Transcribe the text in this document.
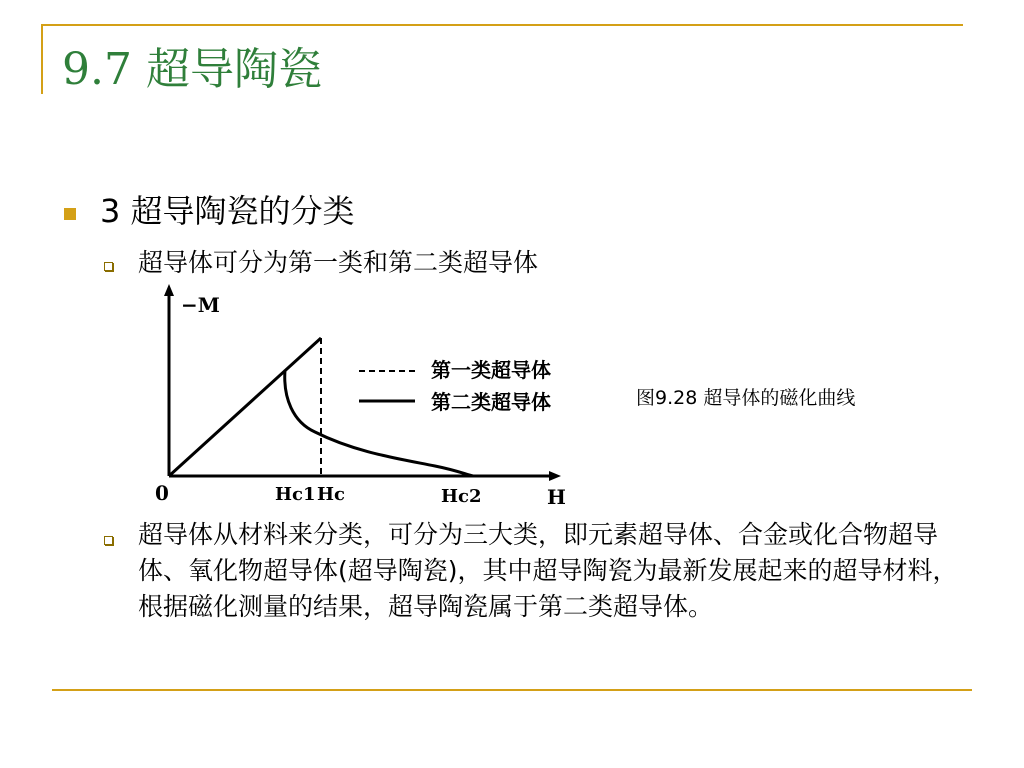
9.7 超导陶瓷
3 超导陶瓷的分类
超导体可分为第一类和第二类超导体
−M
H
0	Hc1 Hc	Hc2
第一类超导体
第二类超导体	图9.28 超导体的磁化曲线
超导体从材料来分类，可分为三大类，即元素超导体、合金或化合物超导体、氧化物超导体(超导陶瓷)，其中超导陶瓷为最新发展起来的超导材料，根据磁化测量的结果，超导陶瓷属于第二类超导体。
